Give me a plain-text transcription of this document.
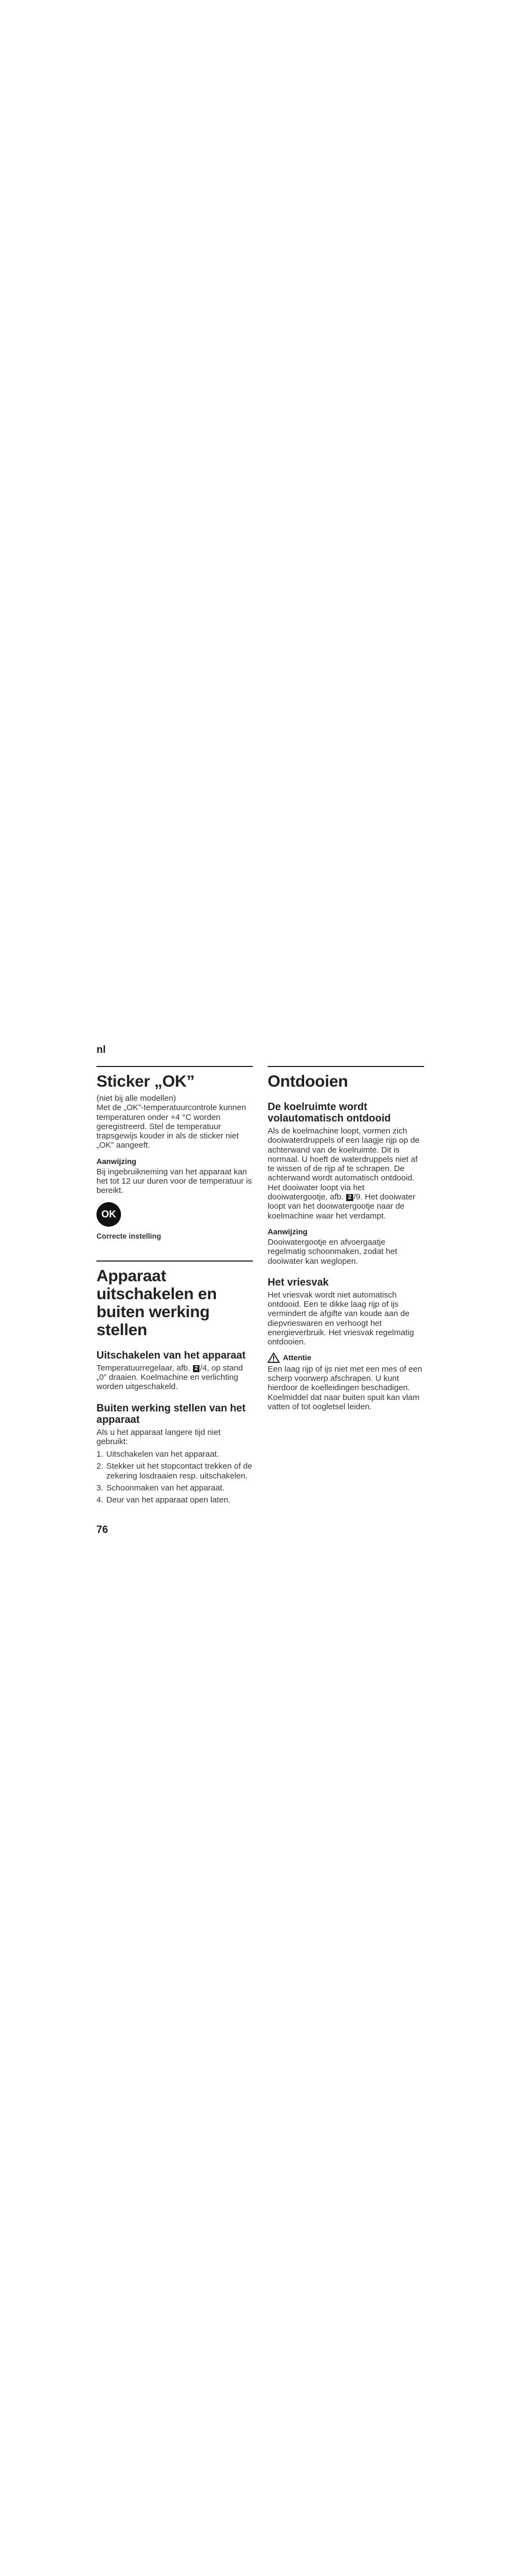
nl
Sticker „OK”

(niet bij alle modellen)

Met de „OK”-temperatuurcontrole kunnen temperaturen onder +4 °C worden geregistreerd. Stel de temperatuur trapsgewijs kouder in als de sticker niet „OK” aangeeft.

Aanwijzing

Bij ingebruikneming van het apparaat kan het tot 12 uur duren voor de temperatuur is bereikt.

OK

Correcte instelling

Apparaat uitschakelen en buiten werking stellen
Uitschakelen van het apparaat

Temperatuurregelaar, afb. 2 /4, op stand „0” draaien. Koelmachine en verlichting worden uitgeschakeld.

Buiten werking stellen van het apparaat

Als u het apparaat langere tijd niet gebruikt:

1. Uitschakelen van het apparaat.
2. Stekker uit het stopcontact trekken of de zekering losdraaien resp. uitschakelen.
3. Schoonmaken van het apparaat.
4. Deur van het apparaat open laten.
Ontdooien
De koelruimte wordt volautomatisch ontdooid

Als de koelmachine loopt, vormen zich dooiwaterdruppels of een laagje rijp op de achterwand van de koelruimte. Dit is normaal. U hoeft de waterdruppels niet af te wissen of de rijp af te schrapen. De achterwand wordt automatisch ontdooid. Het dooiwater loopt via het dooiwatergootje, afb. 2 /9. Het dooiwater loopt van het dooiwatergootje naar de koelmachine waar het verdampt.

Aanwijzing

Dooiwatergootje en afvoergaatje regelmatig schoonmaken, zodat het dooiwater kan weglopen.

Het vriesvak

Het vriesvak wordt niet automatisch ontdooid. Een te dikke laag rijp of ijs vermindert de afgifte van koude aan de diepvrieswaren en verhoogt het energieverbruik. Het vriesvak regelmatig ontdooien.

Attentie

Een laag rijp of ijs niet met een mes of een scherp voorwerp afschrapen. U kunt hierdoor de koelleidingen beschadigen. Koelmiddel dat naar buiten spuit kan vlam vatten of tot oogletsel leiden.

76
